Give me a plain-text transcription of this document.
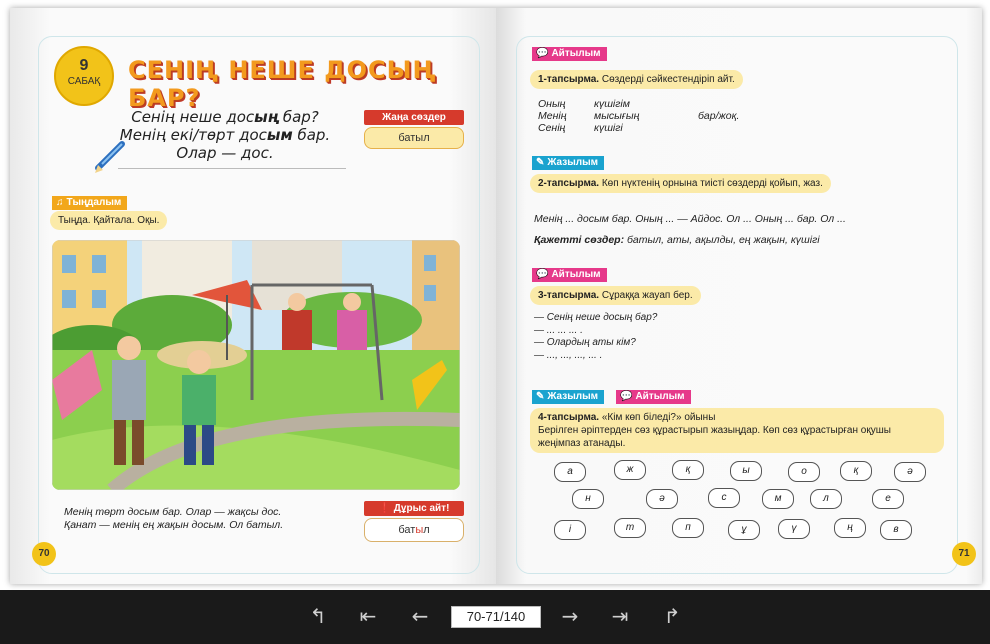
9
САБАҚ	СЕНІҢ НЕШЕ ДОСЫҢ БАР?
Сенің неше досың бар?
Менің екі/төрт досым бар.
Олар — дос.
Жаңа сөздер
батыл
♫ Тыңдалым
Тыңда. Қайтала. Оқы.
Менің төрт досым бар. Олар — жақсы дос.
Қанат — менің ең жақын досым. Ол батыл.
❗ Дұрыс айт!
батыл
70
💬 Айтылым
1-тапсырма. Сөздерді сәйкестендіріп айт.
Оның
Менің
Сенің
күшігім
мысығың
күшігі
бар/жоқ.
✎ Жазылым
2-тапсырма. Көп нүктенің орнына тиісті сөздерді қойып, жаз.
Менің ... досым бар. Оның ... — Айдос. Ол ... Оның ... бар. Ол ...
Қажетті сөздер: батыл, аты, ақылды, ең жақын, күшігі
💬 Айтылым
3-тапсырма. Сұраққа жауап бер.
— Сенің неше досың бар?
— ... ... ... .
— Олардың аты кім?
— ..., ..., ..., ... .
✎ Жазылым	💬 Айтылым
4-тапсырма. «Кім көп біледі?» ойыны
Берілген әріптерден сөз құрастырып жазыңдар. Көп сөз құрастырған оқушы жеңімпаз атанады.
а	ж	қ	ы	о	қ	ә
н	ә	с	м	л	е
і	т	п	ұ	ү	ң	в
71
↰ ⇤ ←
70-71/140	→ ⇥ ↱
